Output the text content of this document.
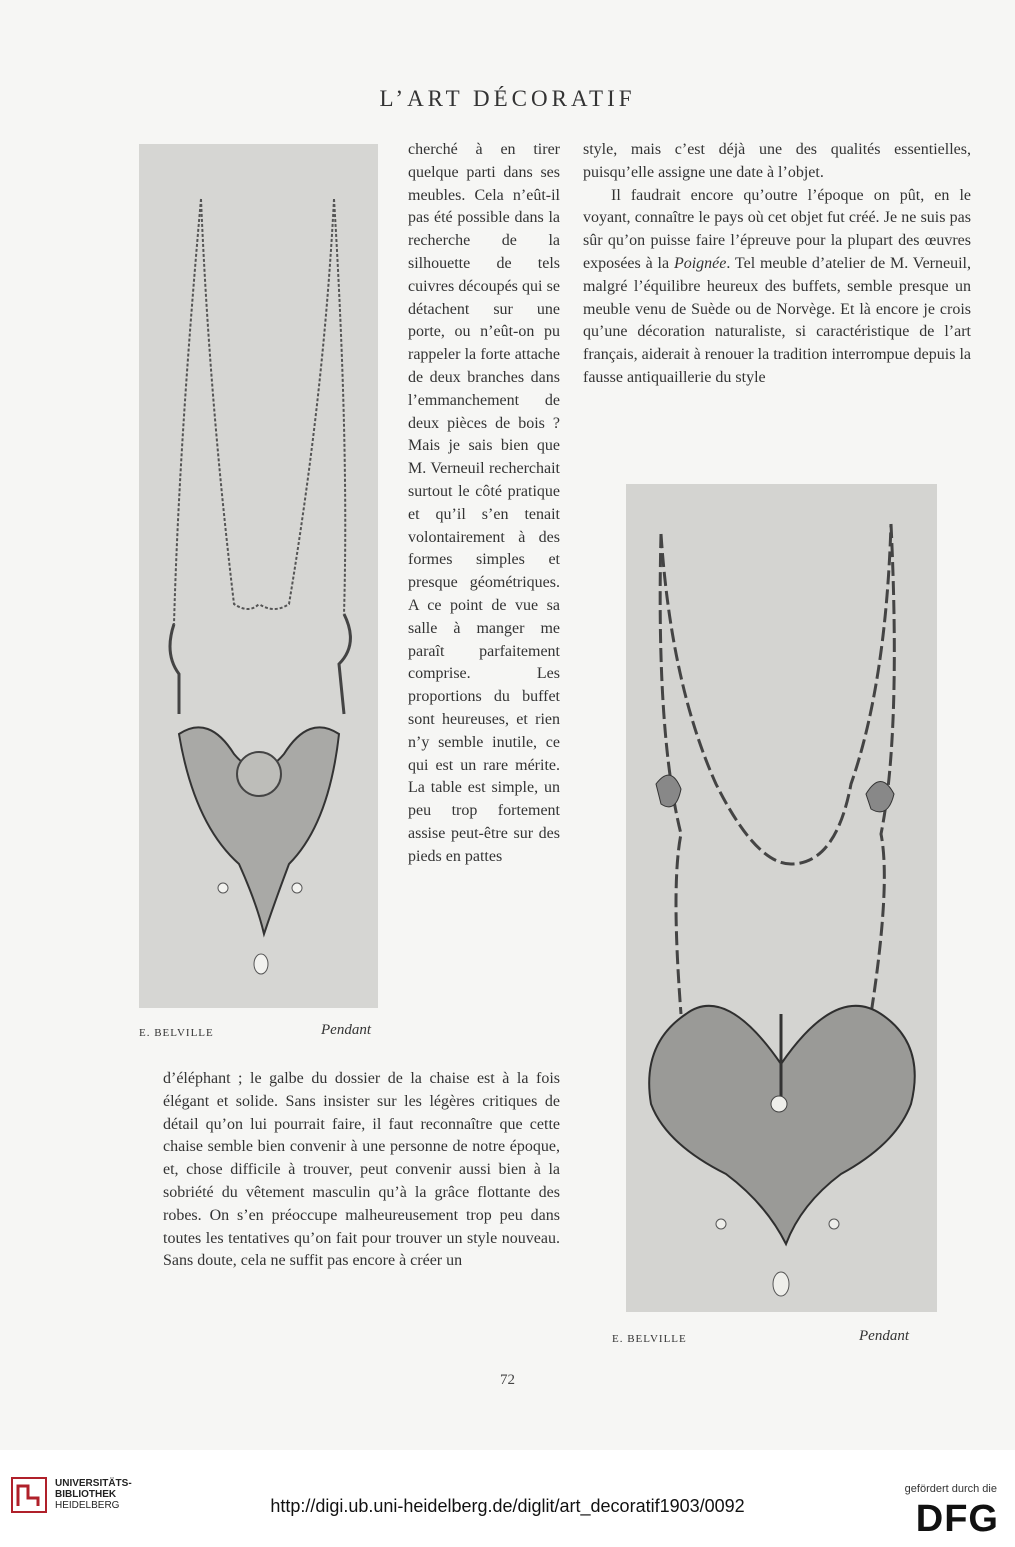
L’ART DÉCORATIF
E. BELVILLE	Pendant

cherché à en tirer quelque parti dans ses meubles. Cela n’eût-il pas été possible dans la recherche de la silhouette de tels cuivres découpés qui se détachent sur une porte, ou n’eût-on pu rappeler la forte attache de deux branches dans l’emmanchement de deux pièces de bois ? Mais je sais bien que M. Verneuil recherchait surtout le côté pratique et qu’il s’en tenait volontairement à des formes simples et presque géométriques. A ce point de vue sa salle à manger me paraît parfaitement comprise. Les proportions du buffet sont heureuses, et rien n’y semble inutile, ce qui est un rare mérite. La table est simple, un peu trop fortement assise peut-être sur des pieds en pattes

style, mais c’est déjà une des qualités essentielles, puisqu’elle assigne une date à l’objet.

Il faudrait encore qu’outre l’époque on pût, en le voyant, connaître le pays où cet objet fut créé. Je ne suis pas sûr qu’on puisse faire l’épreuve pour la plupart des œuvres exposées à la Poignée. Tel meuble d’atelier de M. Verneuil, malgré l’équilibre heureux des buffets, semble presque un meuble venu de Suède ou de Norvège. Et là encore je crois qu’une décoration naturaliste, si caractéristique de l’art français, aiderait à renouer la tradition interrompue depuis la fausse antiquaillerie du style

E. BELVILLE	Pendant

d’éléphant ; le galbe du dossier de la chaise est à la fois élégant et solide. Sans insister sur les légères critiques de détail qu’on lui pourrait faire, il faut reconnaître que cette chaise semble bien convenir à une personne de notre époque, et, chose difficile à trouver, peut convenir aussi bien à la sobriété du vêtement masculin qu’à la grâce flottante des robes. On s’en préoccupe malheureusement trop peu dans toutes les tentatives qu’on fait pour trouver un style nouveau. Sans doute, cela ne suffit pas encore à créer un

72
UNIVERSITÄTS-
BIBLIOTHEK
HEIDELBERG	http://digi.ub.uni-heidelberg.de/diglit/art_decoratif1903/0092
gefördert durch die
DFG
